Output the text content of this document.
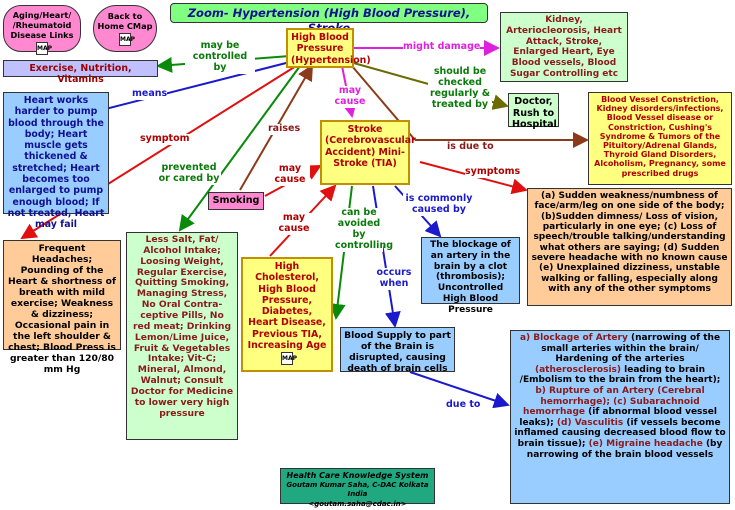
Zoom- Hypertension (High Blood Pressure),
Aging/Heart/ /Rheumatoid Disease Links
MAP
Back to Home CMap
MAP	High Blood Pressure (Hypertension)
Exercise, Nutrition, Vitamins
Kidney, Arteriocleorosis, Heart Attack, Stroke, Enlarged Heart, Eye Blood vessels, Blood Sugar Controlling etc
Heart works harder to pump blood through the body; Heart muscle gets thickened & stretched; Heart becomes too enlarged to pump enough blood; If not treated, Heart may fail
Doctor, Rush to Hospital
Blood Vessel Constriction, Kidney disorders/infections, Blood Vessel disease or Constriction, Cushing's Syndrome & Tumors of the Pituitory/Adrenal Glands, Thyroid Gland Disorders, Alcoholism, Pregnancy, some prescribed drugs
Stroke (Cerebrovascular Accident) Mini-Stroke (TIA)
Smoking	(a) Sudden weakness/numbness of face/arm/leg on one side of the body; (b)Sudden dimness/ Loss of vision, particularly in one eye; (c) Loss of speech/trouble talking/understanding what others are saying; (d) Sudden severe headache with no known cause (e) Unexplained dizziness, unstable walking or falling, especially along with any of the other symptoms
Frequent Headaches; Pounding of the Heart & shortness of breath with mild exercise; Weakness & dizziness; Occasional pain in the left shoulder & chest; Blood Press is greater than 120/80 mm Hg
Less Salt, Fat/ Alcohol Intake; Loosing Weight, Regular Exercise, Quitting Smoking, Managing Stress, No Oral Contra-ceptive Pills, No red meat; Drinking Lemon/Lime Juice, Fruit & Vegetables Intake; Vit-C; Mineral, Almond, Walnut; Consult Doctor for Medicine to lower very high pressure
High Cholesterol, High Blood Pressure, Diabetes, Heart Disease, Previous TIA, Increasing Age
MAP
The blockage of an artery in the brain by a clot (thrombosis); Uncontrolled High Blood Pressure
Blood Supply to part of the Brain is disrupted, causing death of brain cells
a) Blockage of Artery (narrowing of the small arteries within the brain/ Hardening of the arteries (atherosclerosis) leading to brain /Embolism to the brain from the heart); b) Rupture of an Artery (Cerebral hemorrhage); (c) Subarachnoid hemorrhage (if abnormal blood vessel leaks); (d) Vasculitis (if vessels become inflamed causing decreased blood flow to brain tissue); (e) Migraine headache (by narrowing of the brain blood vessels
Health Care Knowledge System
Goutam Kumar Saha, C-DAC Kolkata India
<goutam.saha@cdac.in>
may be controlled by
might damage
means
should be checked regularly & treated by
may cause
symptom
raises
is due to
prevented or cared by
may cause
symptoms
is commonly caused by
can be avoided by controlling
may cause
occurs when
due to
